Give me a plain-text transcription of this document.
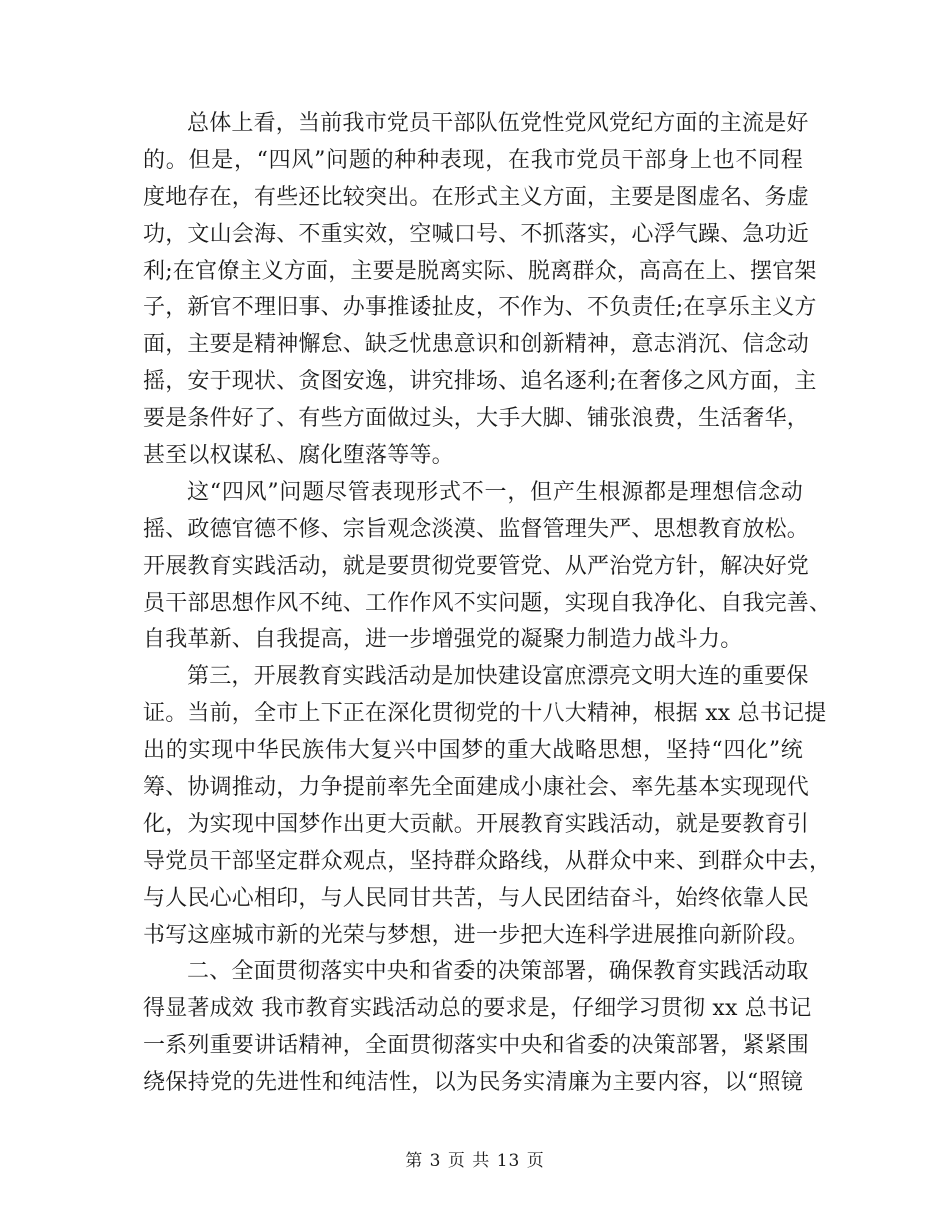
总体上看，当前我市党员干部队伍党性党风党纪方面的主流是好

的。但是，“四风”问题的种种表现，在我市党员干部身上也不同程

度地存在，有些还比较突出。在形式主义方面，主要是图虚名、务虚

功，文山会海、不重实效，空喊口号、不抓落实，心浮气躁、急功近

利;在官僚主义方面，主要是脱离实际、脱离群众，高高在上、摆官架

子，新官不理旧事、办事推诿扯皮，不作为、不负责任;在享乐主义方

面，主要是精神懈怠、缺乏忧患意识和创新精神，意志消沉、信念动

摇，安于现状、贪图安逸，讲究排场、追名逐利;在奢侈之风方面，主

要是条件好了、有些方面做过头，大手大脚、铺张浪费，生活奢华，

甚至以权谋私、腐化堕落等等。

这“四风”问题尽管表现形式不一，但产生根源都是理想信念动

摇、政德官德不修、宗旨观念淡漠、监督管理失严、思想教育放松。

开展教育实践活动，就是要贯彻党要管党、从严治党方针，解决好党

员干部思想作风不纯、工作作风不实问题，实现自我净化、自我完善、

自我革新、自我提高，进一步增强党的凝聚力制造力战斗力。

第三，开展教育实践活动是加快建设富庶漂亮文明大连的重要保

证。当前，全市上下正在深化贯彻党的十八大精神，根据 xx 总书记提

出的实现中华民族伟大复兴中国梦的重大战略思想，坚持“四化”统

筹、协调推动，力争提前率先全面建成小康社会、率先基本实现现代

化，为实现中国梦作出更大贡献。开展教育实践活动，就是要教育引

导党员干部坚定群众观点，坚持群众路线，从群众中来、到群众中去，

与人民心心相印，与人民同甘共苦，与人民团结奋斗，始终依靠人民

书写这座城市新的光荣与梦想，进一步把大连科学进展推向新阶段。

二、全面贯彻落实中央和省委的决策部署，确保教育实践活动取

得显著成效 我市教育实践活动总的要求是，仔细学习贯彻 xx 总书记

一系列重要讲话精神，全面贯彻落实中央和省委的决策部署，紧紧围

绕保持党的先进性和纯洁性，以为民务实清廉为主要内容，以“照镜

第 3 页 共 13 页
